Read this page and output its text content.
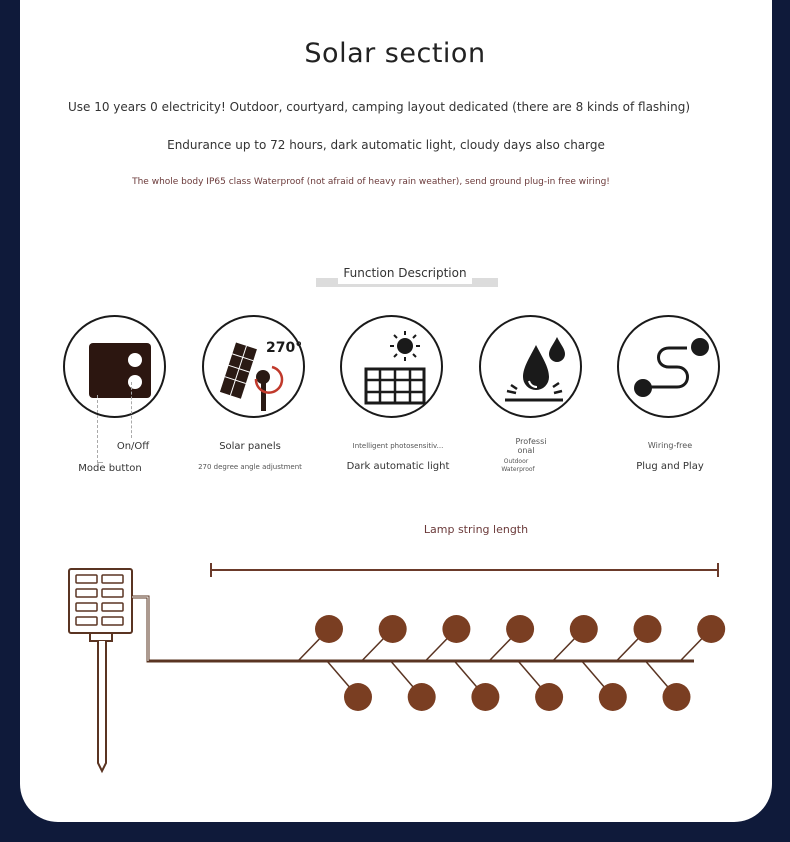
Solar section
Use 10 years 0 electricity! Outdoor, courtyard, camping layout dedicated (there are 8 kinds of flashing)
Endurance up to 72 hours, dark automatic light, cloudy days also charge
The whole body IP65 class Waterproof (not afraid of heavy rain weather), send ground plug-in free wiring!
Function Description
On/Off
Mode button
270°
Solar panels
270 degree angle adjustment
Intelligent photosensitiv...
Dark automatic light
Professi
onal
Outdoor
Waterproof
Wiring-free
Plug and Play
Lamp string length
